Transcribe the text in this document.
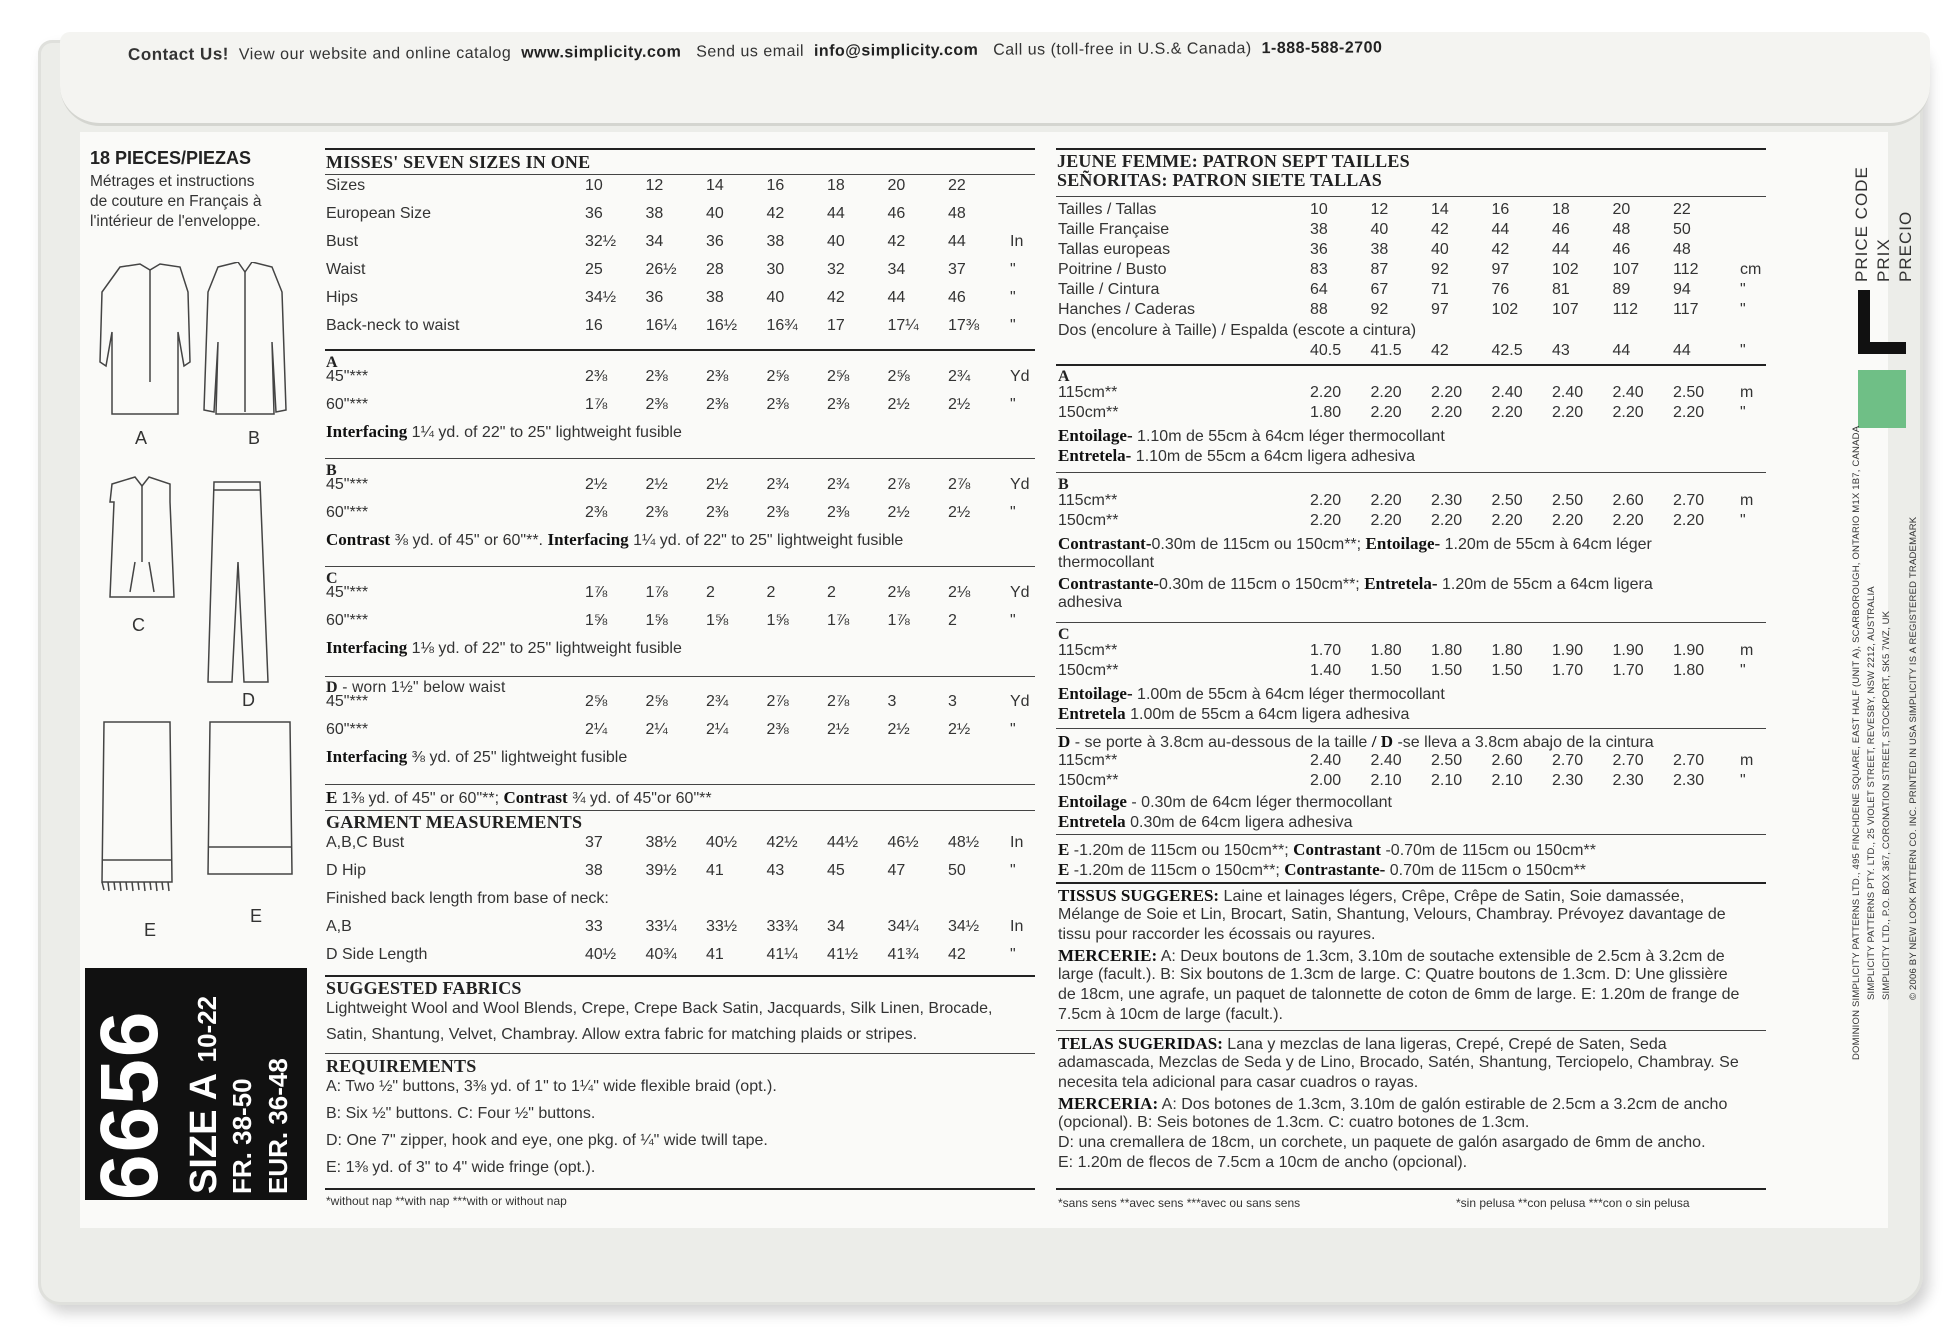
Contact Us! View our website and online catalog www.simplicity.com Send us email info@simplicity.com Call us (toll-free in U.S.& Canada) 1-888-588-2700
18 PIECES/PIEZAS
Métrages et instructions
de couture en Français à
l'intérieur de l'enveloppe.
A	B
C
D
E
E
6656 SIZE A 10-22
FR. 38-50 EUR. 36-48
MISSES' SEVEN SIZES IN ONE
Sizes	10	12	14	16	18	20	22
European Size	36	38	40	42	44	46	48
Bust	32½ 34	36	38	40	42	44	In
Waist	25	26½ 28	30	32	34	37	"
Hips	34½ 36	38	40	42	44	46	"
Back-neck to waist	16	16¼ 16½ 16¾ 17	17¼ 17⅜ "
A
45"***	2⅜ 2⅜ 2⅜ 2⅝ 2⅝ 2⅝ 2¾ Yd
60"***	1⅞ 2⅜ 2⅜ 2⅜ 2⅜ 2½ 2½ "
Interfacing 1¼ yd. of 22" to 25" lightweight fusible
B
45"***	2½ 2½ 2½ 2¾ 2¾ 2⅞ 2⅞ Yd
60"***	2⅜ 2⅜ 2⅜ 2⅜ 2⅜ 2½ 2½ "
Contrast ⅜ yd. of 45" or 60"**. Interfacing 1¼ yd. of 22" to 25" lightweight fusible
C
45"***	1⅞ 1⅞ 2	2	2	2⅛ 2⅛ Yd
60"***	1⅝ 1⅝ 1⅝ 1⅝ 1⅞ 1⅞ 2	"
Interfacing 1⅛ yd. of 22" to 25" lightweight fusible
D - worn 1½" below waist
45"***	2⅝ 2⅝ 2¾ 2⅞ 2⅞ 3	3	Yd
60"***	2¼ 2¼ 2¼ 2⅜ 2½ 2½ 2½ "
Interfacing ⅜ yd. of 25" lightweight fusible
E 1⅜ yd. of 45" or 60"**; Contrast ¾ yd. of 45"or 60"**
GARMENT MEASUREMENTS
A,B,C Bust	37	38½ 40½ 42½ 44½ 46½ 48½ In
D Hip	38	39½ 41	43	45	47	50	"
Finished back length from base of neck:
A,B	33	33¼ 33½ 33¾ 34	34¼ 34½ In
D Side Length	40½ 40¾ 41	41¼ 41½ 41¾ 42	"
SUGGESTED FABRICS
Lightweight Wool and Wool Blends, Crepe, Crepe Back Satin, Jacquards, Silk Linen, Brocade,
Satin, Shantung, Velvet, Chambray. Allow extra fabric for matching plaids or stripes.
REQUIREMENTS
A: Two ½" buttons, 3⅜ yd. of 1" to 1¼" wide flexible braid (opt.).
B: Six ½" buttons. C: Four ½" buttons.
D: One 7" zipper, hook and eye, one pkg. of ¼" wide twill tape.
E: 1⅜ yd. of 3" to 4" wide fringe (opt.).
*without nap **with nap ***with or without nap
JEUNE FEMME: PATRON SEPT TAILLES
SEÑORITAS: PATRON SIETE TALLAS
Tailles / Tallas	10	12	14	16	18	20	22
Taille Française	38	40	42	44	46	48	50
Tallas europeas	36	38	40	42	44	46	48
Poitrine / Busto	83	87	92	97	102 107 112	cm
Taille / Cintura	64	67	71	76	81	89	94	"
Hanches / Caderas	88	92	97	102 107 112 117	"
Dos (encolure à Taille) / Espalda (escote a cintura)
40.5 41.5 42	42.5 43	44	44	"
A
115cm**	2.20 2.20 2.20 2.40 2.40 2.40 2.50 m
150cm**	1.80 2.20 2.20 2.20 2.20 2.20 2.20 "
Entoilage- 1.10m de 55cm à 64cm léger thermocollant
Entretela- 1.10m de 55cm a 64cm ligera adhesiva
B
115cm**	2.20 2.20 2.30 2.50 2.50 2.60 2.70 m
150cm**	2.20 2.20 2.20 2.20 2.20 2.20 2.20 "
Contrastant-0.30m de 115cm ou 150cm**; Entoilage- 1.20m de 55cm à 64cm léger
thermocollant
Contrastante-0.30m de 115cm o 150cm**; Entretela- 1.20m de 55cm a 64cm ligera
adhesiva
C
115cm**	1.70 1.80 1.80 1.80 1.90 1.90 1.90 m
150cm**	1.40 1.50 1.50 1.50 1.70 1.70 1.80 "
Entoilage- 1.00m de 55cm à 64cm léger thermocollant
Entretela 1.00m de 55cm a 64cm ligera adhesiva
D - se porte à 3.8cm au-dessous de la taille / D -se lleva a 3.8cm abajo de la cintura
115cm**	2.40 2.40 2.50 2.60 2.70 2.70 2.70 m
150cm**	2.00 2.10 2.10 2.10 2.30 2.30 2.30 "
Entoilage - 0.30m de 64cm léger thermocollant
Entretela 0.30m de 64cm ligera adhesiva
E -1.20m de 115cm ou 150cm**; Contrastant -0.70m de 115cm ou 150cm**
E -1.20m de 115cm o 150cm**; Contrastante- 0.70m de 115cm o 150cm**
TISSUS SUGGERES: Laine et lainages légers, Crêpe, Crêpe de Satin, Soie damassée,
Mélange de Soie et Lin, Brocart, Satin, Shantung, Velours, Chambray. Prévoyez davantage de
tissu pour raccorder les écossais ou rayures.
MERCERIE: A: Deux boutons de 1.3cm, 3.10m de soutache extensible de 2.5cm à 3.2cm de
large (facult.). B: Six boutons de 1.3cm de large. C: Quatre boutons de 1.3cm. D: Une glissière
de 18cm, une agrafe, un paquet de talonnette de coton de 6mm de large. E: 1.20m de frange de
7.5cm à 10cm de large (facult.).
TELAS SUGERIDAS: Lana y mezclas de lana ligeras, Crepé, Crepé de Saten, Seda
adamascada, Mezclas de Seda y de Lino, Brocado, Satén, Shantung, Terciopelo, Chambray. Se
necesita tela adicional para casar cuadros o rayas.
MERCERIA: A: Dos botones de 1.3cm, 3.10m de galón estirable de 2.5cm a 3.2cm de ancho
(opcional). B: Seis botones de 1.3cm. C: cuatro botones de 1.3cm.
D: una cremallera de 18cm, un corchete, un paquete de galón asargado de 6mm de ancho.
E: 1.20m de flecos de 7.5cm a 10cm de ancho (opcional).
*sans sens **avec sens ***avec ou sans sens	*sin pelusa **con pelusa ***con o sin pelusa
PRICE CODE PRIX PRECIO
DOMINION SIMPLICITY PATTERNS LTD., 495 FINCHDENE SQUARE, EAST HALF (UNIT A), SCARBOROUGH, ONTARIO M1X 1B7, CANADA SIMPLICITY PATTERNS PTY. LTD., 25 VIOLET STREET, REVESBY, NSW 2212, AUSTRALIA SIMPLICITY LTD., P.O. BOX 367, CORONATION STREET, STOCKPORT, SK5 7WZ, UK © 2006 BY NEW LOOK PATTERN CO. INC. PRINTED IN USA SIMPLICITY IS A REGISTERED TRADEMARK
